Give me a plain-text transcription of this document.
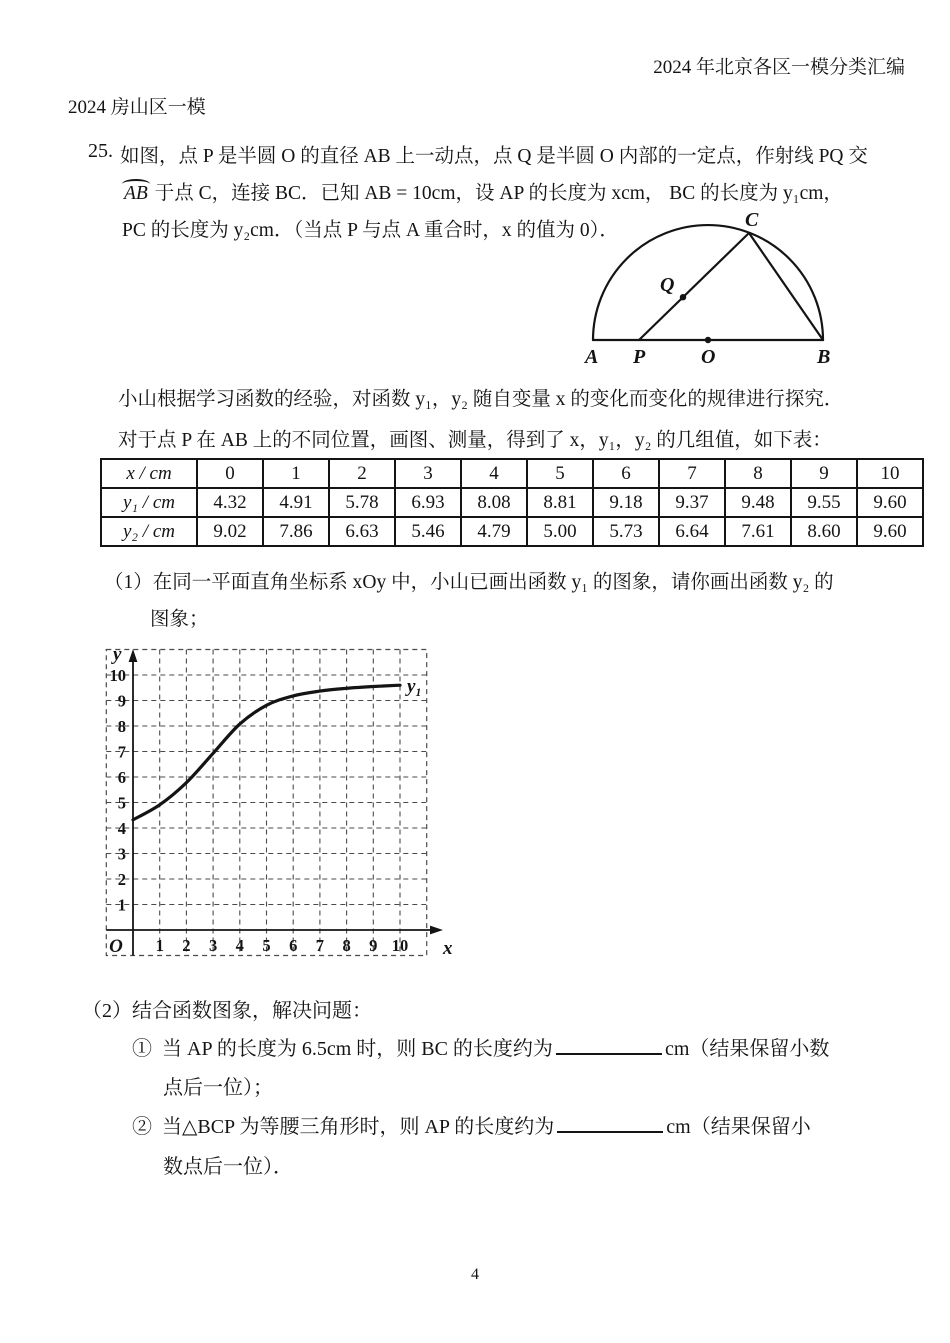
2024 年北京各区一模分类汇编
2024 房山区一模
25. 如图，点 P 是半圆 O 的直径 AB 上一动点，点 Q 是半圆 O 内部的一定点，作射线 PQ 交
AB 于点 C，连接 BC．已知 AB = 10cm，设 AP 的长度为 xcm， BC 的长度为 y₁cm，
PC 的长度为 y₂cm．（当点 P 与点 A 重合时，x 的值为 0）．
A P	O	B
C
Q
小山根据学习函数的经验，对函数 y₁，y₂ 随自变量 x 的变化而变化的规律进行探究．
对于点 P 在 AB 上的不同位置，画图、测量，得到了 x，y₁，y₂ 的几组值，如下表：
x / cm	0	1	2	3	4	5	6	7	8	9	10
y₁ / cm	4.32	4.91	5.78	6.93	8.08	8.81	9.18	9.37	9.48	9.55	9.60
y₂ / cm	9.02	7.86	6.63	5.46	4.79	5.00	5.73	6.64	7.61	8.60	9.60
（1）在同一平面直角坐标系 xOy 中，小山已画出函数 y₁ 的图象，请你画出函数 y₂ 的
图象；
1 2 3 4 5 6 7 8 9 10
1
2
3
4
5
6
7
8
9
10
O	x
y
y₁
（2）结合函数图象，解决问题：
① 当 AP 的长度为 6.5cm 时，则 BC 的长度约为	cm（结果保留小数
点后一位）；
② 当△BCP 为等腰三角形时，则 AP 的长度约为	cm（结果保留小
数点后一位）．
4
